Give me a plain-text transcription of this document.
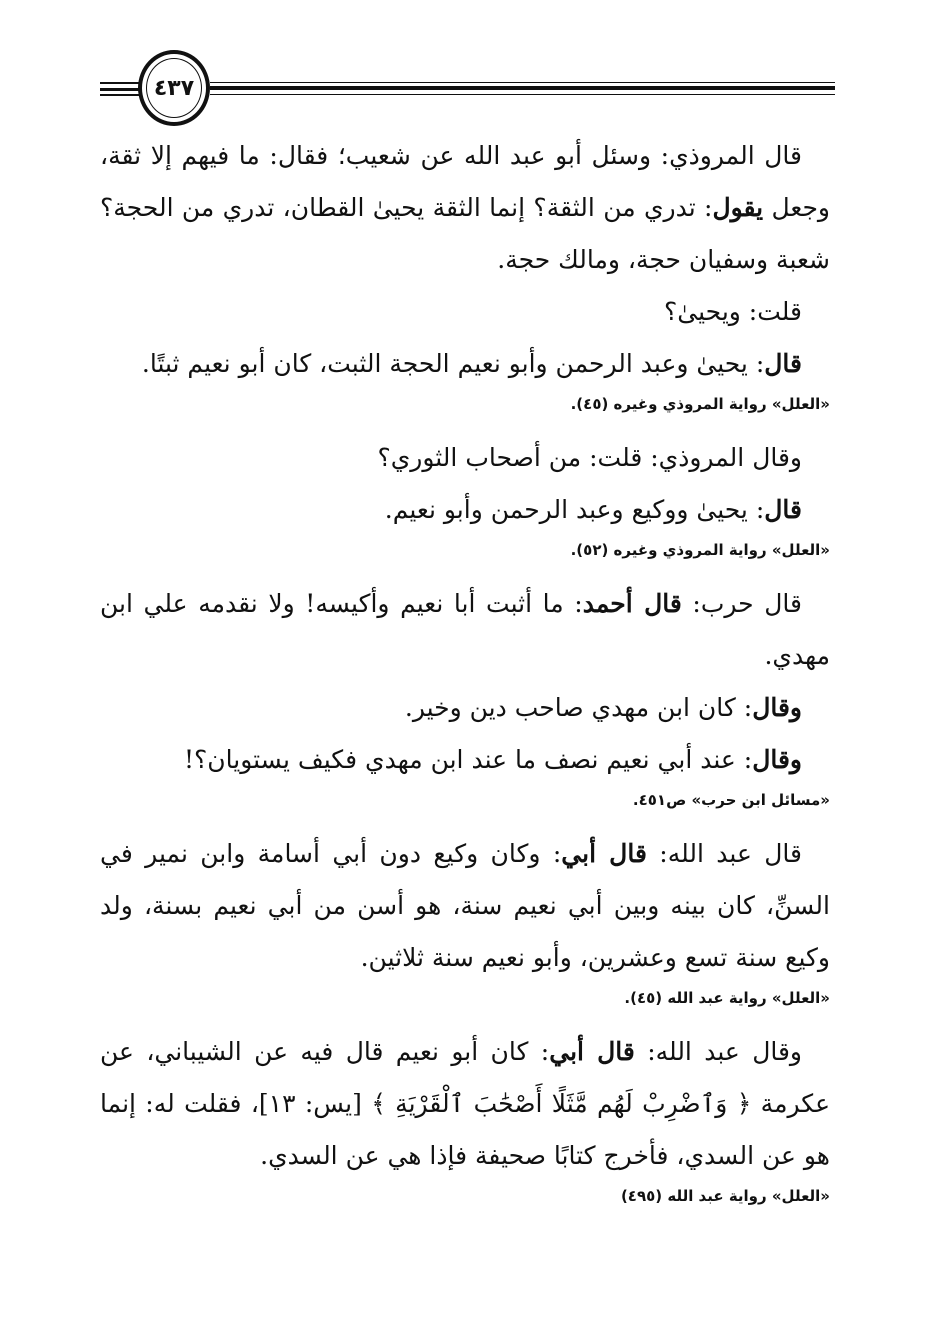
٤٣٧

قال المروذي: وسئل أبو عبد الله عن شعيب؛ فقال: ما فيهم إلا ثقة، وجعل يقول: تدري من الثقة؟ إنما الثقة يحيىٰ القطان، تدري من الحجة؟ شعبة وسفيان حجة، ومالك حجة.

قلت: ويحيىٰ؟

قال: يحيىٰ وعبد الرحمن وأبو نعيم الحجة الثبت، كان أبو نعيم ثبتًا.

«العلل» رواية المروذي وغيره (٤٥).

وقال المروذي: قلت: من أصحاب الثوري؟

قال: يحيىٰ ووكيع وعبد الرحمن وأبو نعيم.

«العلل» رواية المروذي وغيره (٥٢).

قال حرب: قال أحمد: ما أثبت أبا نعيم وأكيسه! ولا نقدمه علي ابن مهدي.

وقال: كان ابن مهدي صاحب دين وخير.

وقال: عند أبي نعيم نصف ما عند ابن مهدي فكيف يستويان؟!

«مسائل ابن حرب» ص٤٥١.

قال عبد الله: قال أبي: وكان وكيع دون أبي أسامة وابن نمير في السنِّ، كان بينه وبين أبي نعيم سنة، هو أسن من أبي نعيم بسنة، ولد وكيع سنة تسع وعشرين، وأبو نعيم سنة ثلاثين.

«العلل» رواية عبد الله (٤٥).

وقال عبد الله: قال أبي: كان أبو نعيم قال فيه عن الشيباني، عن عكرمة ﴿ وَٱضْرِبْ لَهُم مَّثَلًا أَصْحَٰبَ ٱلْقَرْيَةِ ﴾ [يس: ١٣]، فقلت له: إنما هو عن السدي، فأخرج كتابًا صحيفة فإذا هي عن السدي.

«العلل» رواية عبد الله (٤٩٥)
